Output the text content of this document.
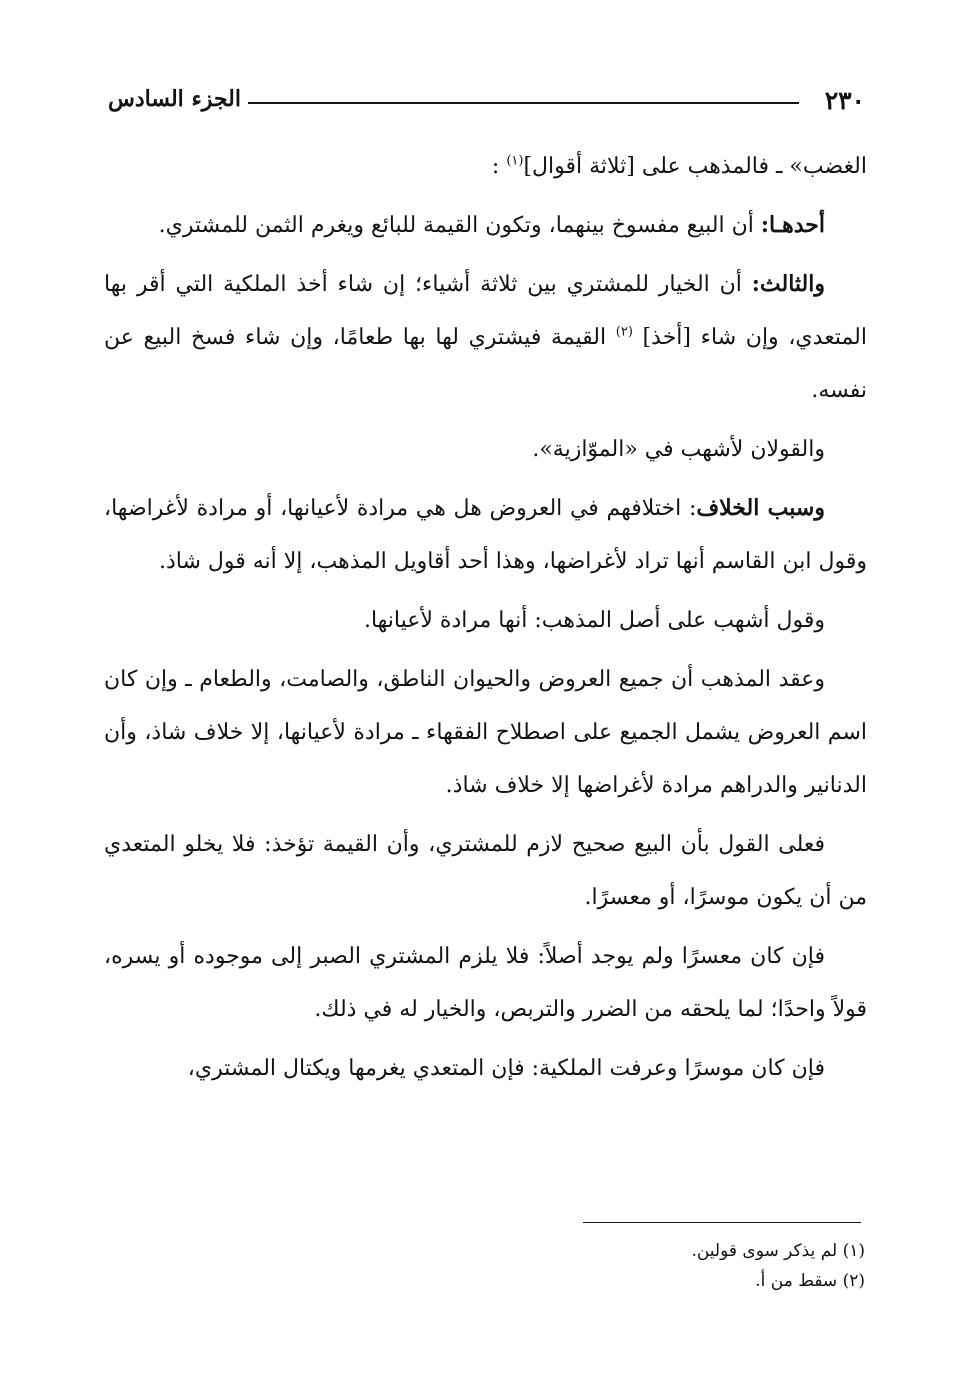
٢٣٠
الجزء السادس

الغضب» ـ فالمذهب على [ثلاثة أقوال]$^{(١)}$ :

أحدهـا: أن البيع مفسوخ بينهما، وتكون القيمة للبائع ويغرم الثمن للمشتري.

والثالث: أن الخيار للمشتري بين ثلاثة أشياء؛ إن شاء أخذ الملكية التي أقر بها المتعدي، وإن شاء [أخذ] $^{(٢)}$ القيمة فيشتري لها بها طعامًا، وإن شاء فسخ البيع عن نفسه.

والقولان لأشهب في «الموّازية».

وسبب الخلاف: اختلافهم في العروض هل هي مرادة لأعيانها، أو مرادة لأغراضها، وقول ابن القاسم أنها تراد لأغراضها، وهذا أحد أقاويل المذهب، إلا أنه قول شاذ.

وقول أشهب على أصل المذهب: أنها مرادة لأعيانها.

وعقد المذهب أن جميع العروض والحيوان الناطق، والصامت، والطعام ـ وإن كان اسم العروض يشمل الجميع على اصطلاح الفقهاء ـ مرادة لأعيانها، إلا خلاف شاذ، وأن الدنانير والدراهم مرادة لأغراضها إلا خلاف شاذ.

فعلى القول بأن البيع صحيح لازم للمشتري، وأن القيمة تؤخذ: فلا يخلو المتعدي من أن يكون موسرًا، أو معسرًا.

فإن كان معسرًا ولم يوجد أصلاً: فلا يلزم المشتري الصبر إلى موجوده أو يسره، قولاً واحدًا؛ لما يلحقه من الضرر والتربص، والخيار له في ذلك.

فإن كان موسرًا وعرفت الملكية: فإن المتعدي يغرمها ويكتال المشتري،

(١) لم يذكر سوى قولين.
(٢) سقط من أ.
